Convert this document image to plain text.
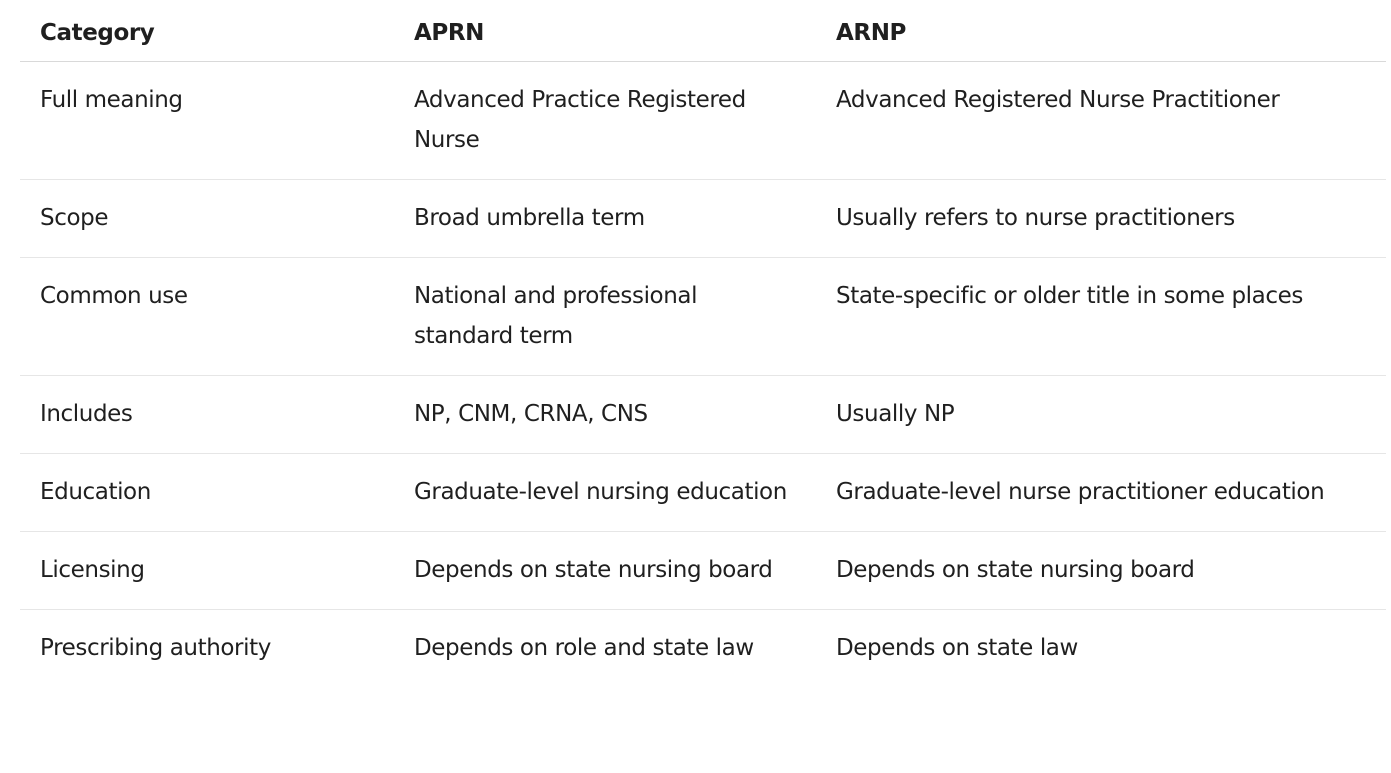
Category	APRN	ARNP
Full meaning	Advanced Practice Registered Nurse	Advanced Registered Nurse Practitioner
Scope	Broad umbrella term	Usually refers to nurse practitioners
Common use	National and professional standard term	State-specific or older title in some places
Includes	NP, CNM, CRNA, CNS	Usually NP
Education	Graduate-level nursing education	Graduate-level nurse practitioner education
Licensing	Depends on state nursing board	Depends on state nursing board
Prescribing authority	Depends on role and state law	Depends on state law
